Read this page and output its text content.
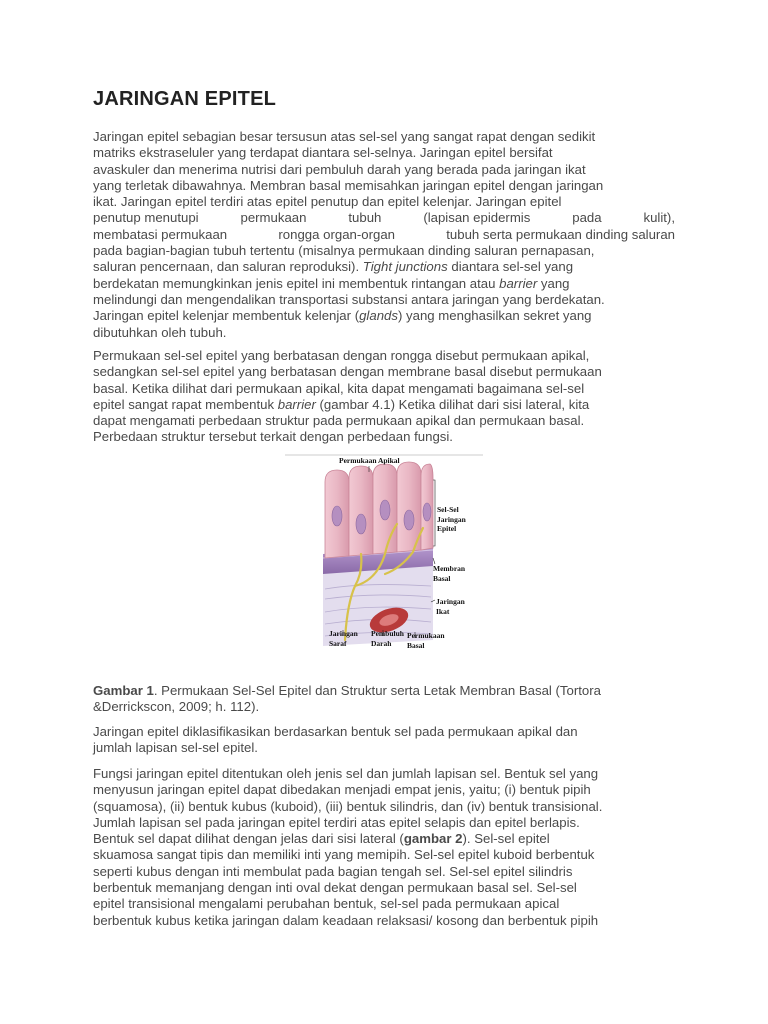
JARINGAN EPITEL

Jaringan epitel sebagian besar tersusun atas sel-sel yang sangat rapat dengan sedikit
matriks ekstraseluler yang terdapat diantara sel-selnya. Jaringan epitel bersifat
avaskuler dan menerima nutrisi dari pembuluh darah yang berada pada jaringan ikat
yang terletak dibawahnya. Membran basal memisahkan jaringan epitel dengan jaringan
ikat. Jaringan epitel terdiri atas epitel penutup dan epitel kelenjar. Jaringan epitel
penutup menutupi	permukaan	tubuh	(lapisan epidermis	pada	kulit),
membatasi permukaan	rongga organ-organ	tubuh serta permukaan dinding saluran
pada bagian-bagian tubuh tertentu (misalnya permukaan dinding saluran pernapasan,
saluran pencernaan, dan saluran reproduksi). Tight junctions diantara sel-sel yang
berdekatan memungkinkan jenis epitel ini membentuk rintangan atau barrier yang
melindungi dan mengendalikan transportasi substansi antara jaringan yang berdekatan.
Jaringan epitel kelenjar membentuk kelenjar (glands) yang menghasilkan sekret yang
dibutuhkan oleh tubuh.

Permukaan sel-sel epitel yang berbatasan dengan rongga disebut permukaan apikal,
sedangkan sel-sel epitel yang berbatasan dengan membrane basal disebut permukaan
basal. Ketika dilihat dari permukaan apikal, kita dapat mengamati bagaimana sel-sel
epitel sangat rapat membentuk barrier (gambar 4.1) Ketika dilihat dari sisi lateral, kita
dapat mengamati perbedaan struktur pada permukaan apikal dan permukaan basal.
Perbedaan struktur tersebut terkait dengan perbedaan fungsi.

Gambar 1. Permukaan Sel-Sel Epitel dan Struktur serta Letak Membran Basal (Tortora
&Derrickscon, 2009; h. 112).

Jaringan epitel diklasifikasikan berdasarkan bentuk sel pada permukaan apikal dan
jumlah lapisan sel-sel epitel.

Fungsi jaringan epitel ditentukan oleh jenis sel dan jumlah lapisan sel. Bentuk sel yang
menyusun jaringan epitel dapat dibedakan menjadi empat jenis, yaitu; (i) bentuk pipih
(squamosa), (ii) bentuk kubus (kuboid), (iii) bentuk silindris, dan (iv) bentuk transisional.
Jumlah lapisan sel pada jaringan epitel terdiri atas epitel selapis dan epitel berlapis.
Bentuk sel dapat dilihat dengan jelas dari sisi lateral (gambar 2). Sel-sel epitel
skuamosa sangat tipis dan memiliki inti yang memipih. Sel-sel epitel kuboid berbentuk
seperti kubus dengan inti membulat pada bagian tengah sel. Sel-sel epitel silindris
berbentuk memanjang dengan inti oval dekat dengan permukaan basal sel. Sel-sel
epitel transisional mengalami perubahan bentuk, sel-sel pada permukaan apical
berbentuk kubus ketika jaringan dalam keadaan relaksasi/ kosong dan berbentuk pipih

Permukaan Apikal
Sel-Sel
Jaringan
Epitel
Membran
Basal
Jaringan
Ikat
Jaringan
Saraf
Pembuluh
Darah
Permukaan
Basal
